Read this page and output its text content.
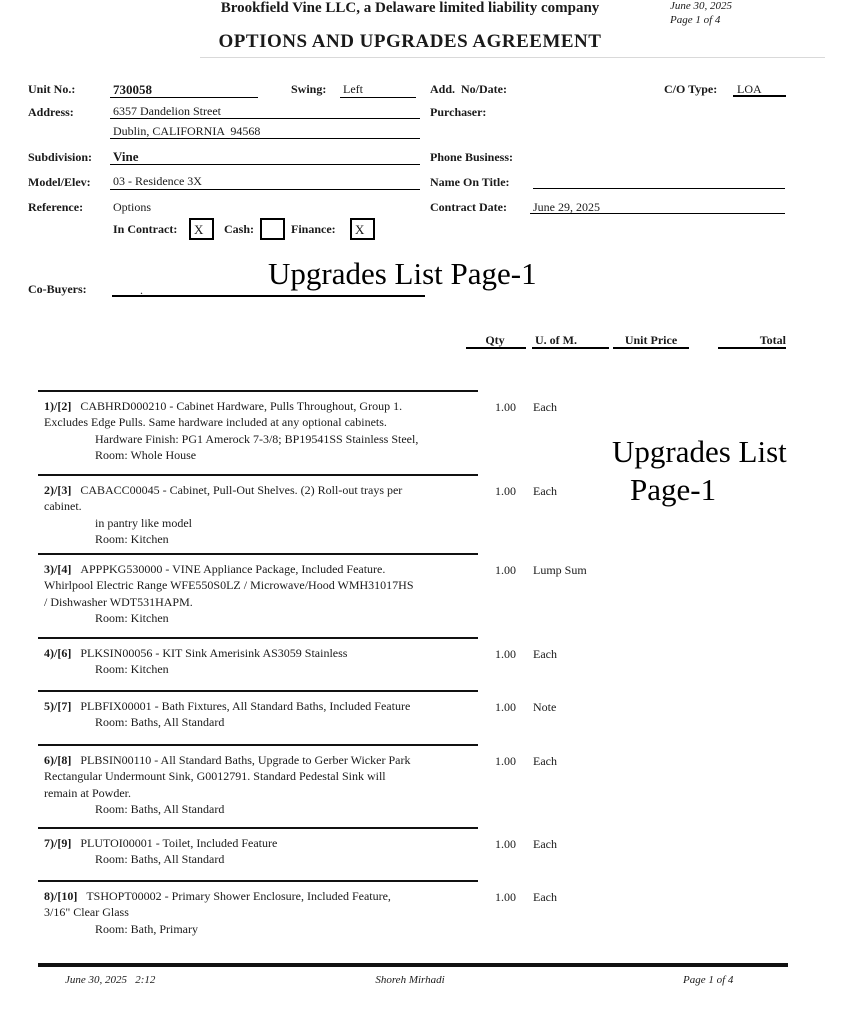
Brookfield Vine LLC, a Delaware limited liability company	June 30, 2025
Page 1 of 4
OPTIONS AND UPGRADES AGREEMENT
Unit No.:	730058	Swing: Left	Add.  No/Date:	C/O Type: LOA
Address:	6357 Dandelion Street	Purchaser:
Dublin, CALIFORNIA  94568
Subdivision: Vine	Phone Business:
Model/Elev: 03 - Residence 3X	Name On Title:
Reference: Options	Contract Date: June 29, 2025
In Contract:	X	Cash:	Finance:	X
Co-Buyers:	.	Upgrades List Page-1
Upgrades List
Page-1
Qty	U. of M.	Unit Price	Total
1)/[2] CABHRD000210 - Cabinet Hardware, Pulls Throughout, Group 1.
Excludes Edge Pulls. Same hardware included at any optional cabinets.
Hardware Finish: PG1 Amerock 7-3/8; BP19541SS Stainless Steel,
Room: Whole House
1.00 Each
2)/[3] CABACC00045 - Cabinet, Pull-Out Shelves. (2) Roll-out trays per
cabinet.
in pantry like model
Room: Kitchen
1.00 Each
3)/[4] APPPKG530000 - VINE Appliance Package, Included Feature.
Whirlpool Electric Range WFE550S0LZ / Microwave/Hood WMH31017HS
/ Dishwasher WDT531HAPM.
Room: Kitchen
1.00 Lump Sum
4)/[6] PLKSIN00056 - KIT Sink Amerisink AS3059 Stainless
Room: Kitchen
1.00 Each
5)/[7] PLBFIX00001 - Bath Fixtures, All Standard Baths, Included Feature
Room: Baths, All Standard
1.00 Note
6)/[8] PLBSIN00110 - All Standard Baths, Upgrade to Gerber Wicker Park
Rectangular Undermount Sink, G0012791. Standard Pedestal Sink will
remain at Powder.
Room: Baths, All Standard
1.00 Each
7)/[9] PLUTOI00001 - Toilet, Included Feature
Room: Baths, All Standard
1.00 Each
8)/[10] TSHOPT00002 - Primary Shower Enclosure, Included Feature,
3/16" Clear Glass
Room: Bath, Primary
1.00 Each
June 30, 2025   2:12	Shoreh Mirhadi	Page 1 of 4
